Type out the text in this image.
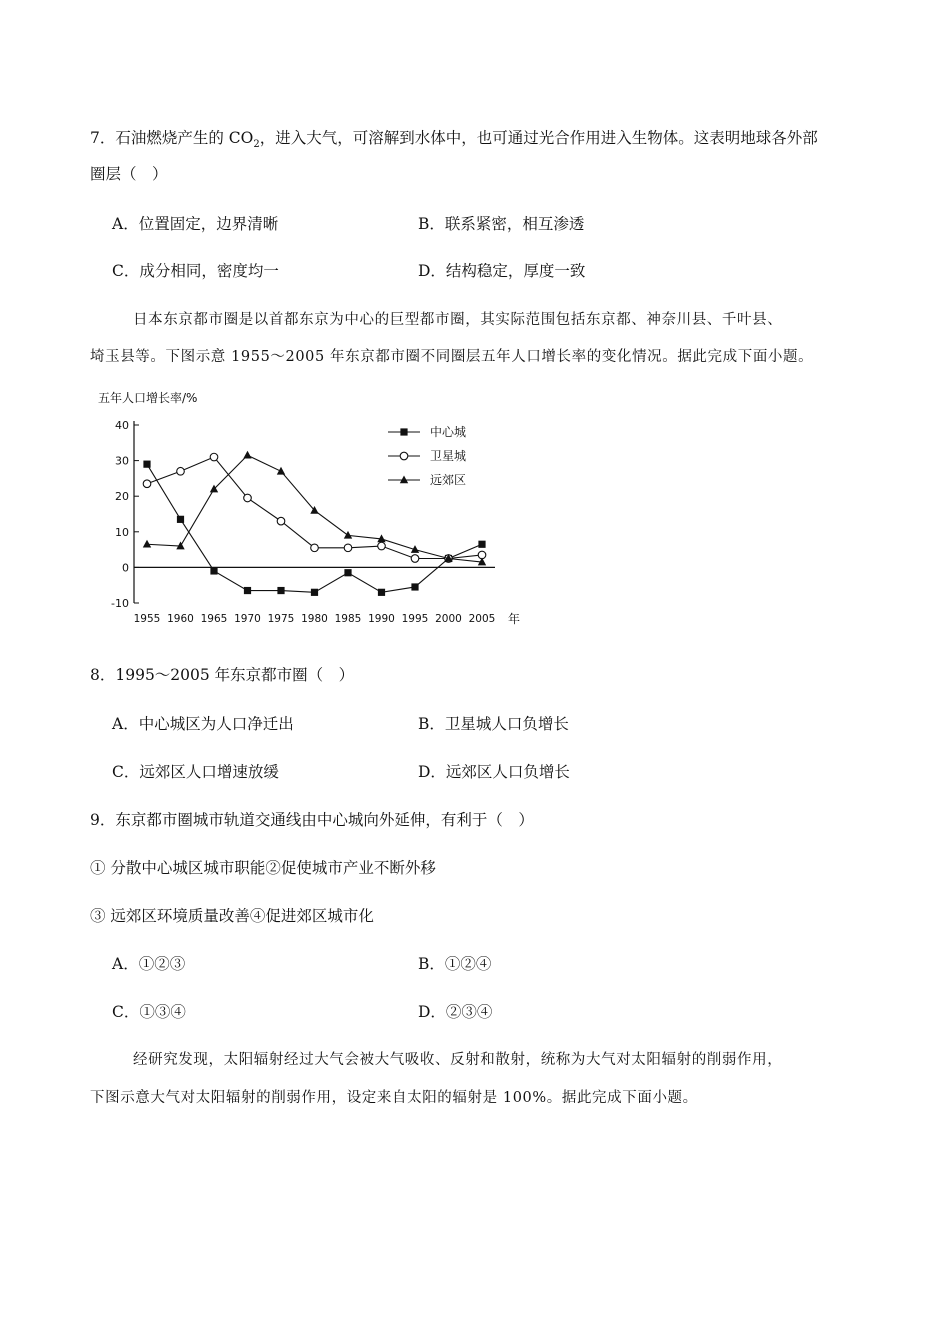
7．石油燃烧产生的 $CO_2$，进入大气，可溶解到水体中，也可通过光合作用进入生物体。这表明地球各外部
圈层（　）
A．位置固定，边界清晰	B．联系紧密，相互渗透
C．成分相同，密度均一	D．结构稳定，厚度一致
日本东京都市圈是以首都东京为中心的巨型都市圈，其实际范围包括东京都、神奈川县、千叶县、
埼玉县等。下图示意 1955～2005 年东京都市圈不同圈层五年人口增长率的变化情况。据此完成下面小题。
五年人口增长率/%
-10
0
10
20
30
40
1955 1960 1965 1970 1975 1980 1985 1990 1995 2000 2005 年
中心城
卫星城
远郊区
8．1995～2005 年东京都市圈（　）
A．中心城区为人口净迁出	B．卫星城人口负增长
C．远郊区人口增速放缓	D．远郊区人口负增长
9．东京都市圈城市轨道交通线由中心城向外延伸，有利于（　）
① 分散中心城区城市职能②促使城市产业不断外移
③ 远郊区环境质量改善④促进郊区城市化
A．①②③	B．①②④
C．①③④	D．②③④
经研究发现，太阳辐射经过大气会被大气吸收、反射和散射，统称为大气对太阳辐射的削弱作用，
下图示意大气对太阳辐射的削弱作用，设定来自太阳的辐射是 100%。据此完成下面小题。
